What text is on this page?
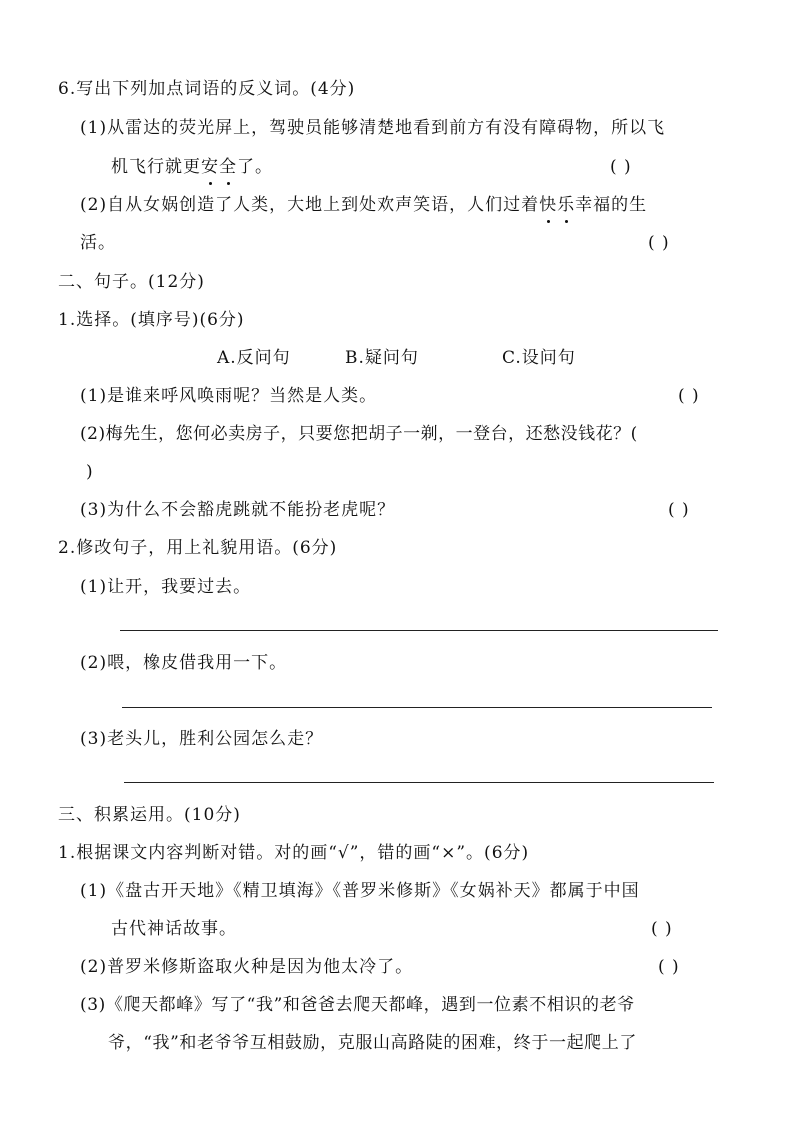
6.写出下列加点词语的反义词。(4分)
(1)从雷达的荧光屏上，驾驶员能够清楚地看到前方有没有障碍物，所以飞
机飞行就更安全了。	( )
(2)自从女娲创造了人类，大地上到处欢声笑语，人们过着快乐幸福的生
活。	( )
二、句子。(12分)
1.选择。(填序号)(6分)
A.反问句	B.疑问句	C.设问句
(1)是谁来呼风唤雨呢？当然是人类。	( )
(2)梅先生，您何必卖房子，只要您把胡子一剃，一登台，还愁没钱花？(
)
(3)为什么不会豁虎跳就不能扮老虎呢？	( )
2.修改句子，用上礼貌用语。(6分)
(1)让开，我要过去。
(2)喂，橡皮借我用一下。
(3)老头儿，胜利公园怎么走？
三、积累运用。(10分)
1.根据课文内容判断对错。对的画“√”，错的画“×”。(6分)
(1)《盘古开天地》《精卫填海》《普罗米修斯》《女娲补天》都属于中国
古代神话故事。	( )
(2)普罗米修斯盗取火种是因为他太冷了。	( )
(3)《爬天都峰》写了“我”和爸爸去爬天都峰，遇到一位素不相识的老爷
爷，“我”和老爷爷互相鼓励，克服山高路陡的困难，终于一起爬上了
